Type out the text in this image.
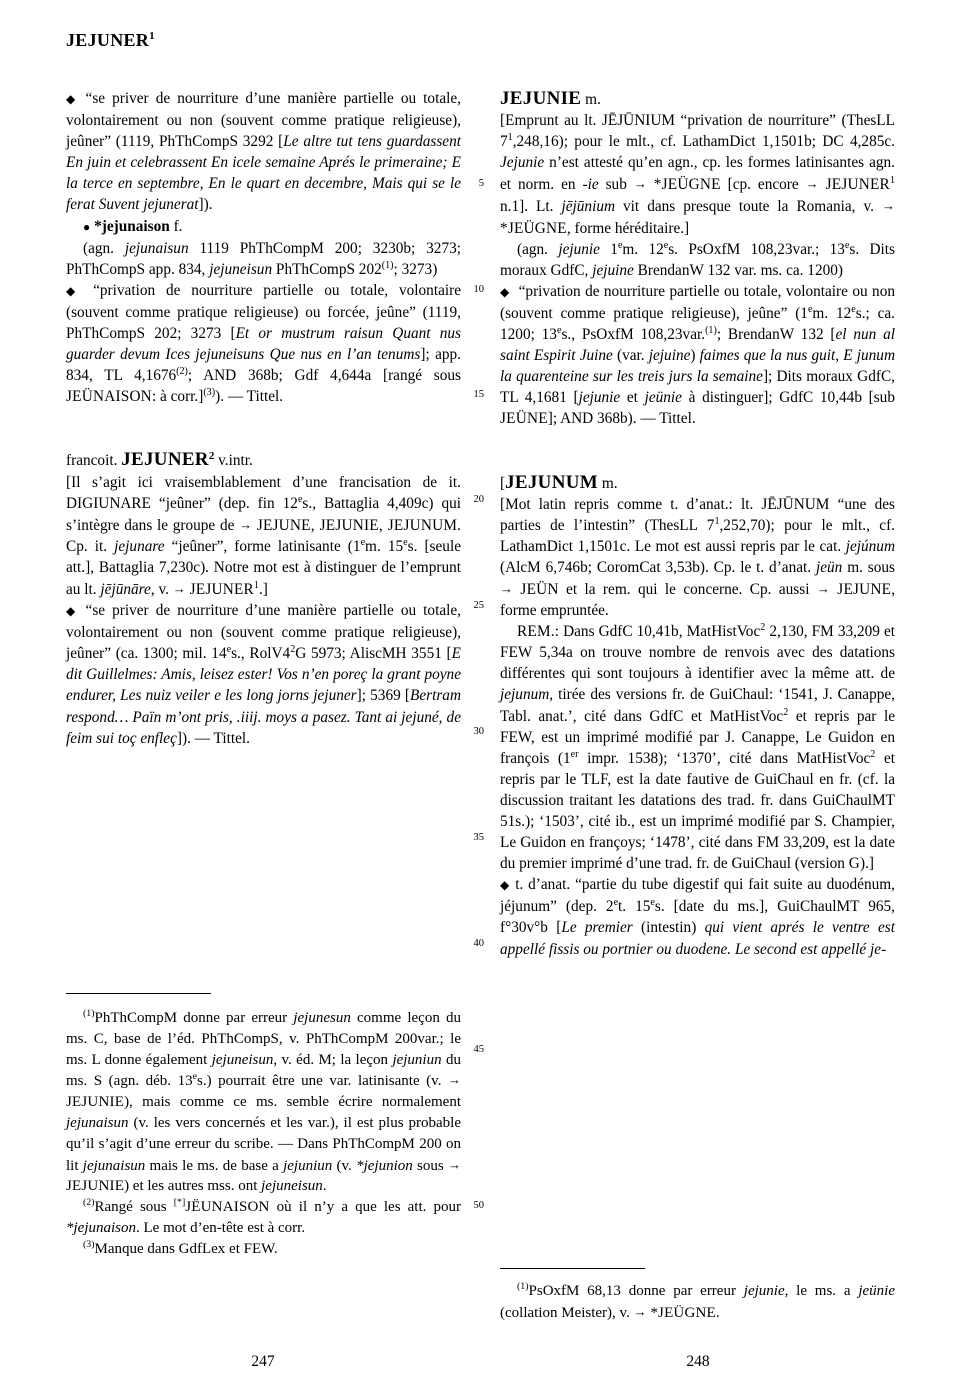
JEJUNER$^1$

◆ “se priver de nourriture d’une manière partielle ou totale, volontairement ou non (souvent comme pratique religieuse), jeûner” (1119, PhThCompS 3292 [Le altre tut tens guardassent En juin et celebrassent En icele semaine Aprés le primeraine; E la terce en septembre, En le quart en decembre, Mais qui se le ferat Suvent jejunerat]).

● *jejunaison f.

(agn. jejunaisun 1119 PhThCompM 200; 3230b; 3273; PhThCompS app. 834, jejuneisun PhThCompS 202$^{(1)}$; 3273)

◆ “privation de nourriture partielle ou totale, volontaire (souvent comme pratique religieuse) ou forcée, jeûne” (1119, PhThCompS 202; 3273 [Et or mustrum raisun Quant nus guarder devum Ices jejuneisuns Que nus en l’an tenums]; app. 834, TL 4,1676$^{(2)}$; AND 368b; Gdf 4,644a [rangé sous JEÜNAISON: à corr.]$^{(3)}$). — Tittel.

francoit. JEJUNER$^2$ v.intr.

[Il s’agit ici vraisemblablement d’une francisation de it. DIGIUNARE “jeûner” (dep. fin 12es., Battaglia 4,409c) qui s’intègre dans le groupe de → JEJUNE, JEJUNIE, JEJUNUM. Cp. it. jejunare “jeûner”, forme latinisante (1em. 15es. [seule att.], Battaglia 7,230c). Notre mot est à distinguer de l’emprunt au lt. jējūnāre, v. → $JEJUNER^1$.]

◆ “se priver de nourriture d’une manière partielle ou totale, volontairement ou non (souvent comme pratique religieuse), jeûner” (ca. 1300; mil. 14es., $RolV4^2G$ 5973; AliscMH 3551 [E dit Guillelmes: Amis, leisez ester! Vos n’en poreç la grant poyne endurer, Les nuiz veiler e les long jorns jejuner]; 5369 [Bertram respond… Païn m’ont pris, .iiij. moys a pasez. Tant ai jejuné, de feim sui toç enfleç]). — Tittel.

$^{(1)}$PhThCompM donne par erreur jejunesun comme leçon du ms. C, base de l’éd. PhThCompS, v. PhThCompM 200var.; le ms. L donne également jejuneisun, v. éd. M; la leçon jejuniun du ms. S (agn. déb. 13es.) pourrait être une var. latinisante (v. → JEJUNIE), mais comme ce ms. semble écrire normalement jejunaisun (v. les vers concernés et les var.), il est plus probable qu’il s’agit d’une erreur du scribe. — Dans PhThCompM 200 on lit jejunaisun mais le ms. de base a jejuniun (v. *jejunion sous → JEJUNIE) et les autres mss. ont jejuneisun.

$^{(2)}$Rangé sous [*]JËUNAISON où il n’y a que les att. pour *jejunaison. Le mot d’en-tête est à corr.

$^{(3)}$Manque dans GdfLex et FEW.

JEJUNIE m.

[Emprunt au lt. JĒJŪNIUM “privation de nourriture” (ThesLL $7^1,248,16$); pour le mlt., cf. LathamDict 1,1501b; DC 4,285c. Jejunie n’est attesté qu’en agn., cp. les formes latinisantes agn. et norm. en -ie sub → *JEÜGNE [cp. encore → $JEJUNER^1$ n.1]. Lt. jējūnium vit dans presque toute la Romania, v. → *JEÜGNE, forme héréditaire.]

(agn. jejunie 1em. 12es. PsOxfM 108,23var.; 13es. Dits moraux GdfC, jejuine BrendanW 132 var. ms. ca. 1200)

◆   “privation de nourriture partielle ou totale, volontaire ou non (souvent comme pratique religieuse), jeûne” (1em. 12es.; ca. 1200; 13es., PsOxfM 108,23var.$^{(1)}$; BrendanW 132 [el nun al saint Espirit Juine (var. jejuine) faimes que la nus guit, E junum la quarenteine sur les treis jurs la semaine]; Dits moraux GdfC, TL 4,1681 [jejunie et jeünie à distinguer]; GdfC 10,44b [sub JEÜNE]; AND 368b). — Tittel.

[JEJUNUM m.

[Mot latin repris comme t. d’anat.: lt. JĒJŪNUM “une des parties de l’intestin” (ThesLL $7^1,252,70$); pour le mlt., cf. LathamDict 1,1501c. Le mot est aussi repris par le cat. jejúnum (AlcM 6,746b; CoromCat 3,53b). Cp. le t. d’anat. jeün m. sous → JEÜN et la rem. qui le concerne. Cp. aussi → JEJUNE, forme empruntée.

REM.: Dans GdfC 10,41b, MatHistVoc$^2$ 2,130, FM 33,209 et FEW 5,34a on trouve nombre de renvois avec des datations différentes qui sont toujours à identifier avec la même att. de jejunum, tirée des versions fr. de GuiChaul: ‘1541, J. Canappe, Tabl. anat.’, cité dans GdfC et MatHistVoc$^2$ et repris par le FEW, est un imprimé modifié par J. Canappe, Le Guidon en françois (1er impr. 1538); ‘1370’, cité dans MatHistVoc$^2$ et repris par le TLF, est la date fautive de GuiChaul en fr. (cf. la discussion traitant les datations des trad. fr. dans GuiChaulMT 51s.); ‘1503’, cité ib., est un imprimé modifié par S. Champier, Le Guidon en françoys; ‘1478’, cité dans FM 33,209, est la date du premier imprimé d’une trad. fr. de GuiChaul (version G).]

◆ t. d’anat. “partie du tube digestif qui fait suite au duodénum, jéjunum” (dep. 2et. 15es. [date du ms.], GuiChaulMT 965, f°30v°b [Le premier (intestin) qui vient aprés le ventre est appellé fissis ou portnier ou duodene. Le second est appellé je-

$^{(1)}$PsOxfM 68,13 donne par erreur jejunie, le ms. a jeünie (collation Meister), v. → *JEÜGNE.

5
10
15
20
25
30
35
40
45
50
247	248
